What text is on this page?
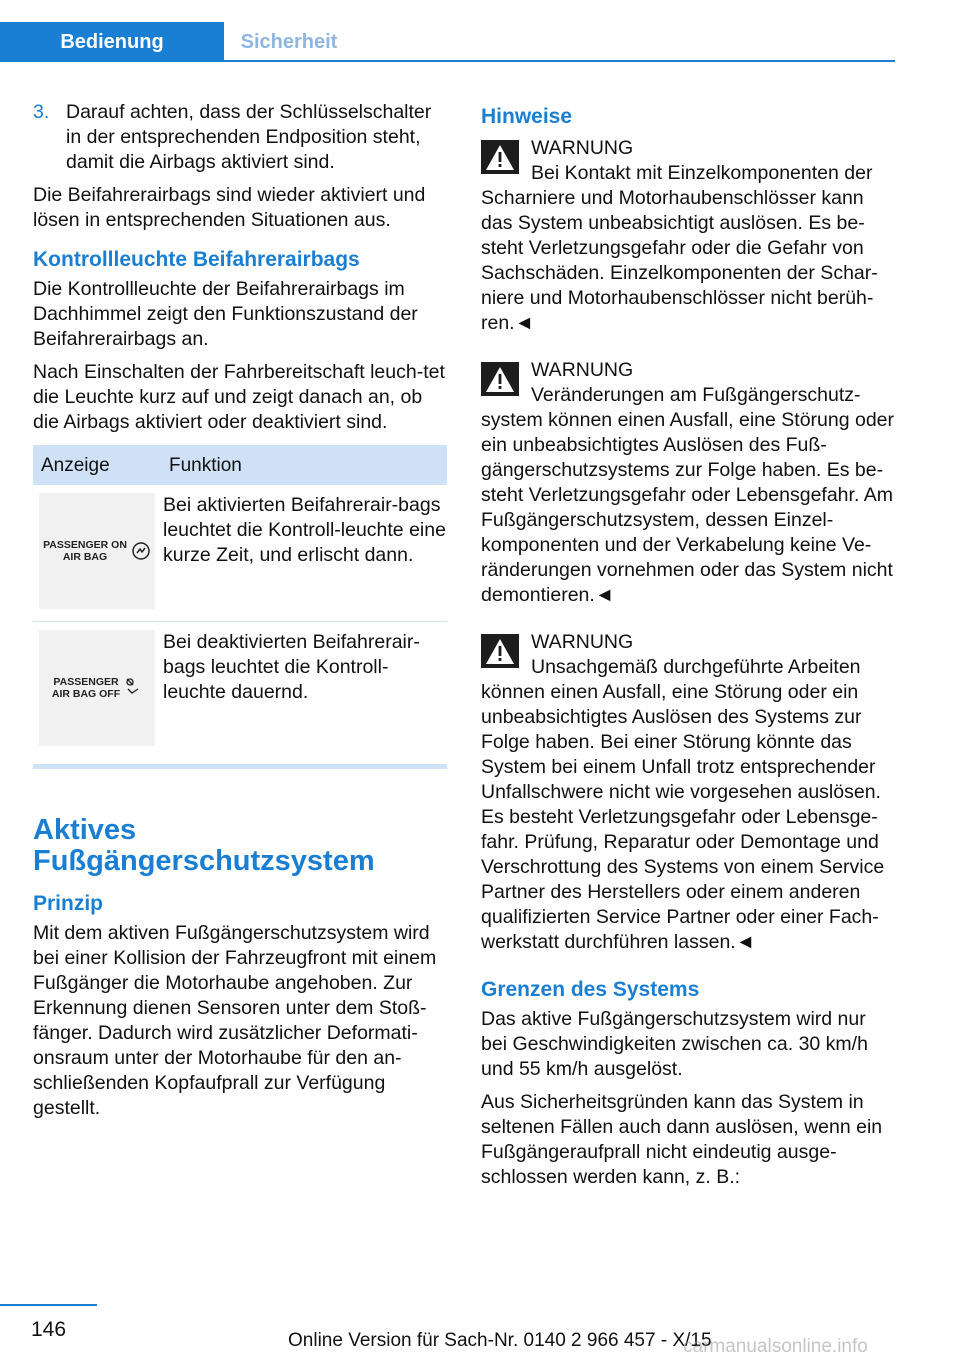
Bedienung	Sicherheit
3. Darauf achten, dass der Schlüsselschalter in der entsprechenden Endposition steht, damit die Airbags aktiviert sind.

Die Beifahrerairbags sind wieder aktiviert und lösen in entsprechenden Situationen aus.

Kontrollleuchte Beifahrerairbags

Die Kontrollleuchte der Beifahrerairbags im Dachhimmel zeigt den Funktionszustand der Beifahrerairbags an.

Nach Einschalten der Fahrbereitschaft leuch-tet die Leuchte kurz auf und zeigt danach an, ob die Airbags aktiviert oder deaktiviert sind.

Anzeige	Funktion

PASSENGER ON
AIR BAG	Bei aktivierten Beifahrerair-bags leuchtet die Kontroll-leuchte eine kurze Zeit, und erlischt dann.

PASSENGER
AIR BAG OFF	Bei deaktivierten Beifahrerair-bags leuchtet die Kontroll-leuchte dauernd.
Aktives Fußgängerschutzsystem
Prinzip

Mit dem aktiven Fußgängerschutzsystem wird bei einer Kollision der Fahrzeugfront mit einem Fußgänger die Motorhaube angehoben. Zur Erkennung dienen Sensoren unter dem Stoß-fänger. Dadurch wird zusätzlicher Deformati-onsraum unter der Motorhaube für den an-schließenden Kopfaufprall zur Verfügung gestellt.

Hinweise
WARNUNG
Bei Kontakt mit Einzelkomponenten der

Scharniere und Motorhaubenschlösser kann das System unbeabsichtigt auslösen. Es be-steht Verletzungsgefahr oder die Gefahr von Sachschäden. Einzelkomponenten der Schar-niere und Motorhaubenschlösser nicht berüh-ren.◄

WARNUNG
Veränderungen am Fußgängerschutz-

system können einen Ausfall, eine Störung oder ein unbeabsichtigtes Auslösen des Fuß-gängerschutzsystems zur Folge haben. Es be-steht Verletzungsgefahr oder Lebensgefahr. Am Fußgängerschutzsystem, dessen Einzel-komponenten und der Verkabelung keine Ve-ränderungen vornehmen oder das System nicht demontieren.◄

WARNUNG
Unsachgemäß durchgeführte Arbeiten

können einen Ausfall, eine Störung oder ein unbeabsichtigtes Auslösen des Systems zur Folge haben. Bei einer Störung könnte das System bei einem Unfall trotz entsprechender Unfallschwere nicht wie vorgesehen auslösen. Es besteht Verletzungsgefahr oder Lebensge-fahr. Prüfung, Reparatur oder Demontage und Verschrottung des Systems von einem Service Partner des Herstellers oder einem anderen qualifizierten Service Partner oder einer Fach-werkstatt durchführen lassen.◄

Grenzen des Systems

Das aktive Fußgängerschutzsystem wird nur bei Geschwindigkeiten zwischen ca. 30 km/h und 55 km/h ausgelöst.

Aus Sicherheitsgründen kann das System in seltenen Fällen auch dann auslösen, wenn ein Fußgängeraufprall nicht eindeutig ausge-schlossen werden kann, z. B.:

146	Online Version für Sach-Nr. 0140 2 966 457 - X/15
carmanualsonline.info
